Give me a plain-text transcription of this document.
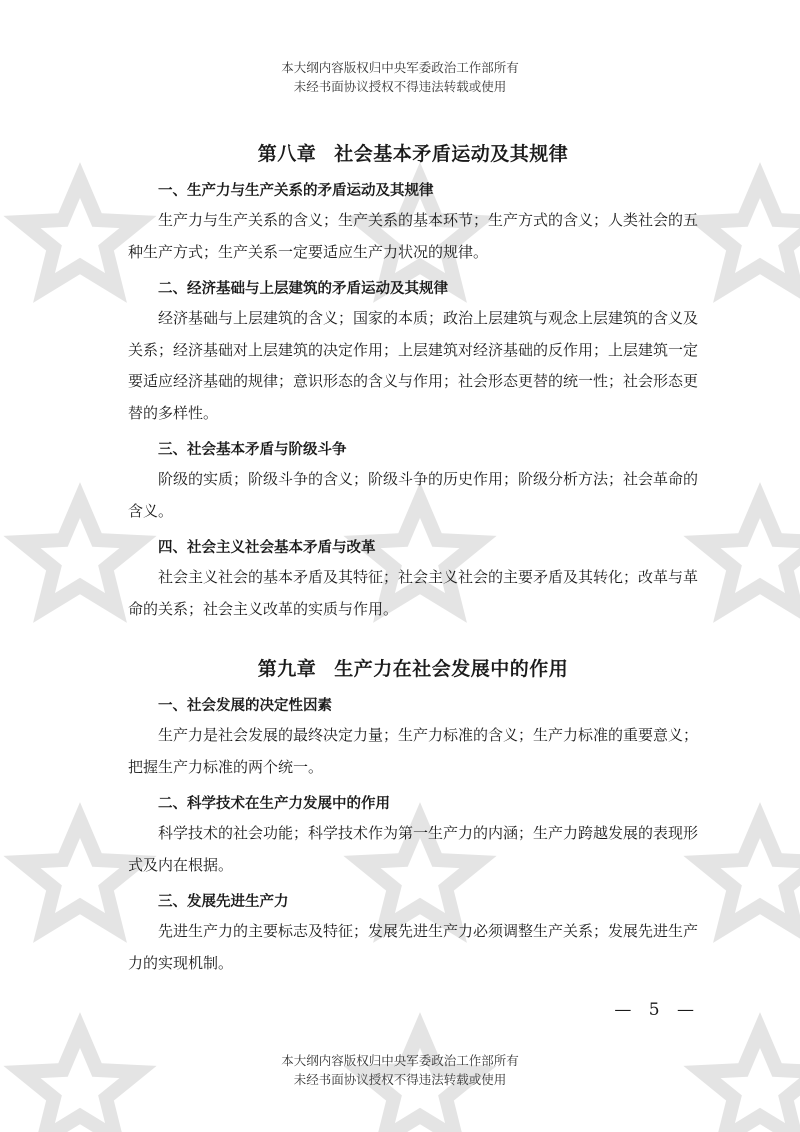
本大纲内容版权归中央军委政治工作部所有
未经书面协议授权不得违法转载或使用
第八章 社会基本矛盾运动及其规律
一、生产力与生产关系的矛盾运动及其规律

生产力与生产关系的含义；生产关系的基本环节；生产方式的含义；人类社会的五种生产方式；生产关系一定要适应生产力状况的规律。

二、经济基础与上层建筑的矛盾运动及其规律

经济基础与上层建筑的含义；国家的本质；政治上层建筑与观念上层建筑的含义及关系；经济基础对上层建筑的决定作用；上层建筑对经济基础的反作用；上层建筑一定要适应经济基础的规律；意识形态的含义与作用；社会形态更替的统一性；社会形态更替的多样性。

三、社会基本矛盾与阶级斗争

阶级的实质；阶级斗争的含义；阶级斗争的历史作用；阶级分析方法；社会革命的含义。

四、社会主义社会基本矛盾与改革

社会主义社会的基本矛盾及其特征；社会主义社会的主要矛盾及其转化；改革与革命的关系；社会主义改革的实质与作用。

第九章 生产力在社会发展中的作用
一、社会发展的决定性因素

生产力是社会发展的最终决定力量；生产力标准的含义；生产力标准的重要意义；把握生产力标准的两个统一。

二、科学技术在生产力发展中的作用

科学技术的社会功能；科学技术作为第一生产力的内涵；生产力跨越发展的表现形式及内在根据。

三、发展先进生产力

先进生产力的主要标志及特征；发展先进生产力必须调整生产关系；发展先进生产力的实现机制。

— 5 —
本大纲内容版权归中央军委政治工作部所有
未经书面协议授权不得违法转载或使用
